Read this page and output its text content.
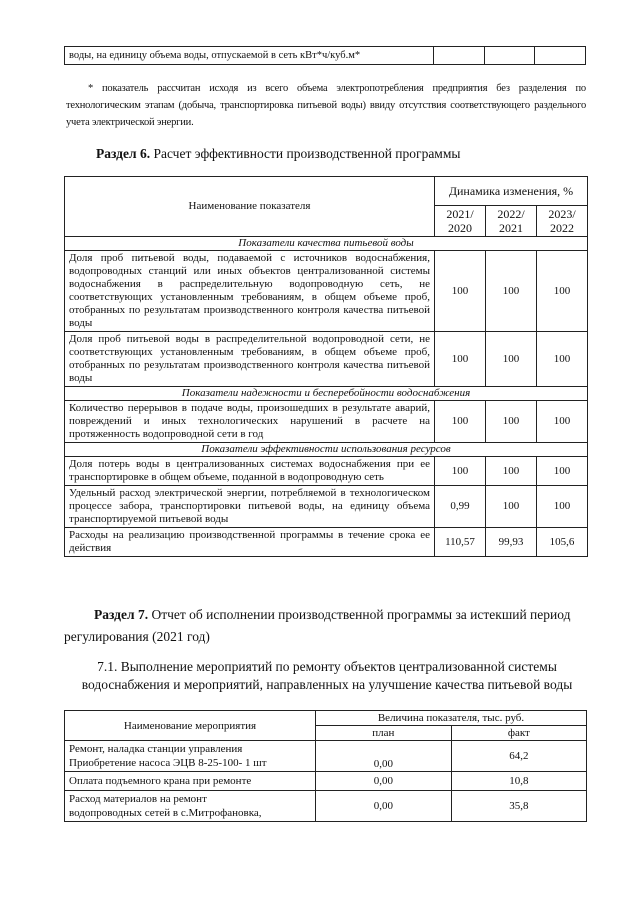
воды, на единицу объема воды, отпускаемой в сеть кВт*ч/куб.м*			
* показатель рассчитан исходя из всего объема электропотребления предприятия без разделения по технологическим этапам (добыча, транспортировка питьевой воды) ввиду отсутствия соответствующего раздельного учета электрической энергии.
Раздел 6. Расчет эффективности производственной программы
Наименование показателя	Динамика изменения, %		
	2021/ 2020	2022/ 2021	2023/ 2022
Показатели качества питьевой воды			
Доля проб питьевой воды, подаваемой с источников водоснабжения, водопроводных станций или иных объектов централизованной системы водоснабжения в распределительную водопроводную сеть, не соответствующих установленным требованиям, в общем объеме проб, отобранных по результатам производственного контроля качества питьевой воды	100	100	100
Доля проб питьевой воды в распределительной водопроводной сети, не соответствующих установленным требованиям, в общем объеме проб, отобранных по результатам производственного контроля качества питьевой воды	100	100	100
Показатели надежности и бесперебойности водоснабжения			
Количество перерывов в подаче воды, произошедших в результате аварий, повреждений и иных технологических нарушений в расчете на протяженность водопроводной сети в год	100	100	100
Показатели эффективности использования ресурсов			
Доля потерь воды в централизованных системах водоснабжения при ее транспортировке в общем объеме, поданной в водопроводную сеть	100	100	100
Удельный расход электрической энергии, потребляемой в технологическом процессе забора, транспортировки питьевой воды, на единицу объема транспортируемой питьевой воды	0,99	100	100
Расходы на реализацию производственной программы в течение срока ее действия	110,57	99,93	105,6
Раздел 7. Отчет об исполнении производственной программы за истекший период регулирования (2021 год)
7.1. Выполнение мероприятий по ремонту объектов централизованной системы водоснабжения и мероприятий, направленных на улучшение качества питьевой воды
Наименование мероприятия	Величина показателя, тыс. руб.	
	план	факт

Ремонт, наладка станции управления
Приобретение насоса ЭЦВ 8-25-100- 1 шт	0,00	64,2

Оплата подъемного крана при ремонте	0,00	10,8

Расход материалов на ремонт
водопроводных сетей в с.Митрофановка,	0,00	35,8
